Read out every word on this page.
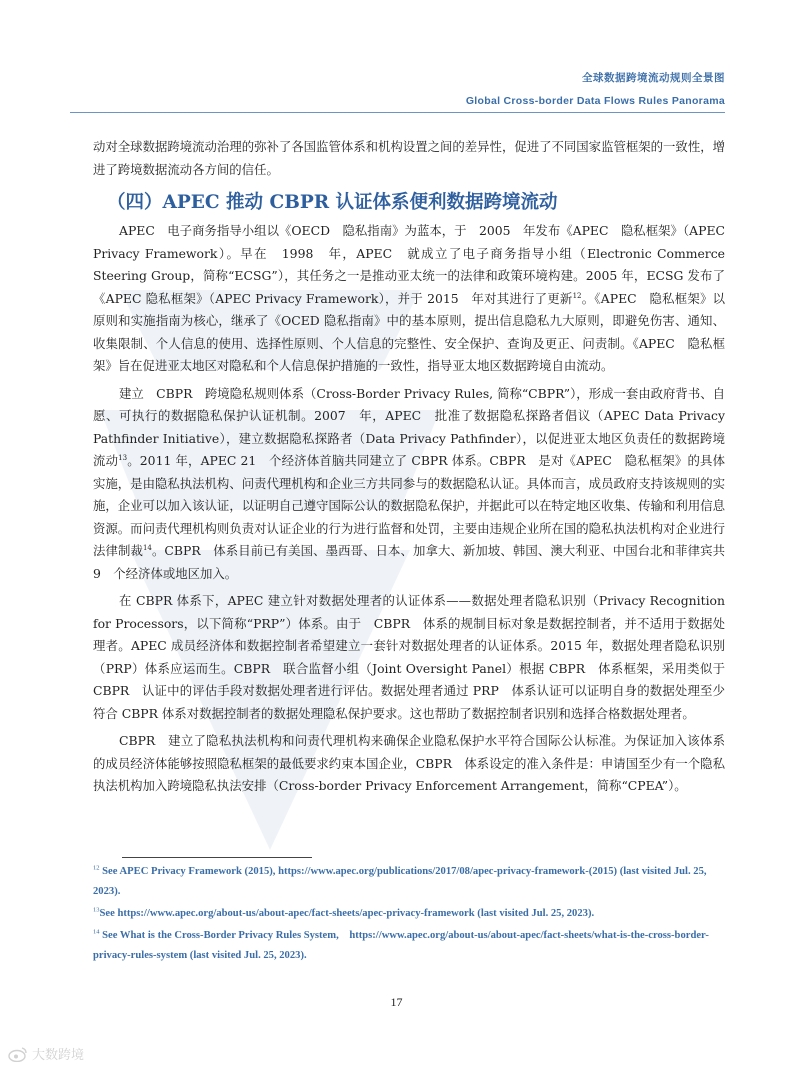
全球数据跨境流动规则全景图
Global Cross-border Data Flows Rules Panorama

动对全球数据跨境流动治理的弥补了各国监管体系和机构设置之间的差异性，促进了不同国家监管框架的一致性，增进了跨境数据流动各方间的信任。

（四）APEC 推动 CBPR 认证体系便利数据跨境流动

APEC　电子商务指导小组以《OECD　隐私指南》为蓝本，于　2005　年发布《APEC　隐私框架》（APEC Privacy Framework）。早在　1998　年，APEC　就成立了电子商务指导小组（Electronic Commerce Steering Group，简称“ECSG”），其任务之一是推动亚太统一的法律和政策环境构建。2005 年，ECSG 发布了《APEC 隐私框架》（APEC Privacy Framework），并于 2015　年对其进行了更新$^{12}$。《APEC　隐私框架》以原则和实施指南为核心，继承了《OCED 隐私指南》中的基本原则，提出信息隐私九大原则，即避免伤害、通知、收集限制、个人信息的使用、选择性原则、个人信息的完整性、安全保护、查询及更正、问责制。《APEC　隐私框架》旨在促进亚太地区对隐私和个人信息保护措施的一致性，指导亚太地区数据跨境自由流动。

建立　CBPR　跨境隐私规则体系（Cross-Border Privacy Rules, 简称“CBPR”），形成一套由政府背书、自愿、可执行的数据隐私保护认证机制。2007　年，APEC　批准了数据隐私探路者倡议（APEC Data Privacy Pathfinder Initiative），建立数据隐私探路者（Data Privacy Pathfinder），以促进亚太地区负责任的数据跨境流动$^{13}$。2011 年，APEC 21　个经济体首脑共同建立了 CBPR 体系。CBPR　是对《APEC　隐私框架》的具体实施，是由隐私执法机构、问责代理机构和企业三方共同参与的数据隐私认证。具体而言，成员政府支持该规则的实施，企业可以加入该认证，以证明自己遵守国际公认的数据隐私保护，并据此可以在特定地区收集、传输和利用信息资源。而问责代理机构则负责对认证企业的行为进行监督和处罚，主要由违规企业所在国的隐私执法机构对企业进行法律制裁$^{14}$。CBPR　体系目前已有美国、墨西哥、日本、加拿大、新加坡、韩国、澳大利亚、中国台北和菲律宾共 9　个经济体或地区加入。

在 CBPR 体系下，APEC 建立针对数据处理者的认证体系——数据处理者隐私识别（Privacy Recognition for Processors，以下简称“PRP”）体系。由于　CBPR　体系的规制目标对象是数据控制者，并不适用于数据处理者。APEC 成员经济体和数据控制者希望建立一套针对数据处理者的认证体系。2015 年，数据处理者隐私识别（PRP）体系应运而生。CBPR　联合监督小组（Joint Oversight Panel）根据 CBPR　体系框架，采用类似于　CBPR　认证中的评估手段对数据处理者进行评估。数据处理者通过 PRP　体系认证可以证明自身的数据处理至少符合 CBPR 体系对数据控制者的数据处理隐私保护要求。这也帮助了数据控制者识别和选择合格数据处理者。

CBPR　建立了隐私执法机构和问责代理机构来确保企业隐私保护水平符合国际公认标准。为保证加入该体系的成员经济体能够按照隐私框架的最低要求约束本国企业，CBPR　体系设定的准入条件是：申请国至少有一个隐私执法机构加入跨境隐私执法安排（Cross-border Privacy Enforcement Arrangement，简称“CPEA”）。

$^{12}$ See APEC Privacy Framework (2015), https://www.apec.org/publications/2017/08/apec-privacy-framework-(2015) (last visited Jul. 25, 2023).
$^{13}$See https://www.apec.org/about-us/about-apec/fact-sheets/apec-privacy-framework (last visited Jul. 25, 2023).
$^{14}$ See What is the Cross-Border Privacy Rules System,　https://www.apec.org/about-us/about-apec/fact-sheets/what-is-the-cross-border-privacy-rules-system (last visited Jul. 25, 2023).
17
大数跨境
